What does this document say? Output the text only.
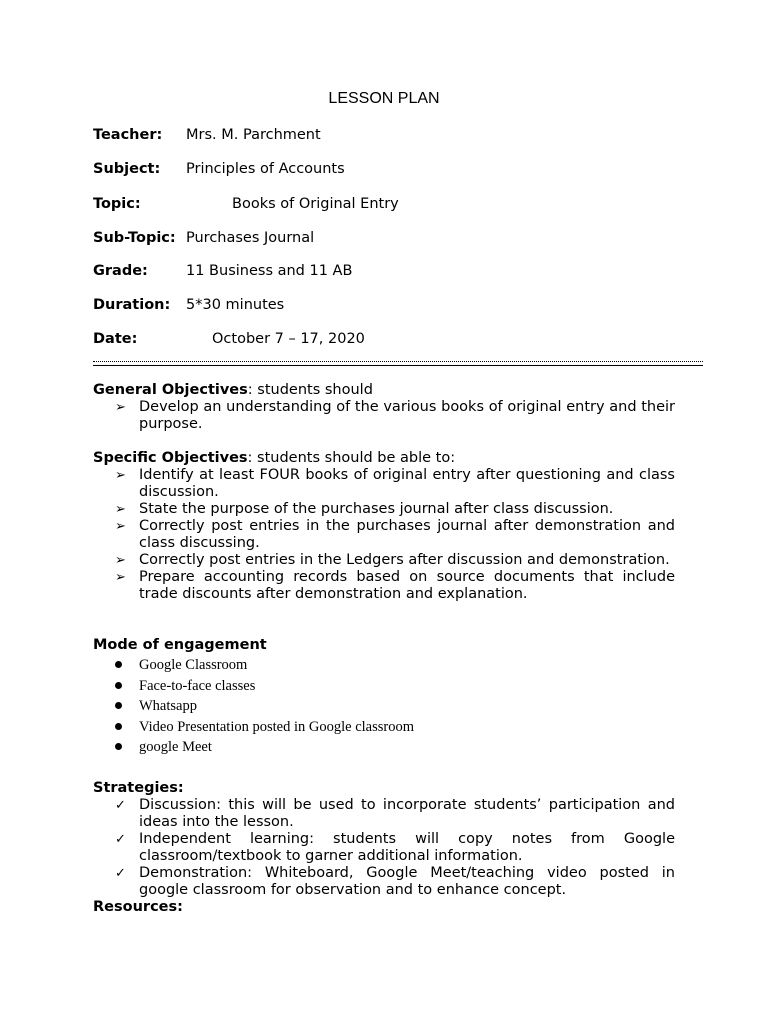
LESSON PLAN
Teacher: Mrs. M. Parchment
Subject: Principles of Accounts
Topic:	Books of Original Entry
Sub-Topic: Purchases Journal
Grade:	11 Business and 11 AB
Duration: 5*30 minutes
Date:	October 7 – 17, 2020
General Objectives: students should
➢ Develop an understanding of the various books of original entry and their purpose.
Specific Objectives: students should be able to:
➢ Identify at least FOUR books of original entry after questioning and class discussion.
➢ State the purpose of the purchases journal after class discussion.
➢ Correctly post entries in the purchases journal after demonstration and class discussing.
➢ Correctly post entries in the Ledgers after discussion and demonstration.
➢ Prepare accounting records based on source documents that include trade discounts after demonstration and explanation.
Mode of engagement
Google Classroom
Face-to-face classes
Whatsapp
Video Presentation posted in Google classroom
google Meet
Strategies:
✓ Discussion: this will be used to incorporate students’ participation and ideas into the lesson.
✓ Independent learning: students will copy notes from Google classroom/textbook to garner additional information.
✓ Demonstration: Whiteboard, Google Meet/teaching video posted in google classroom for observation and to enhance concept.
Resources:
